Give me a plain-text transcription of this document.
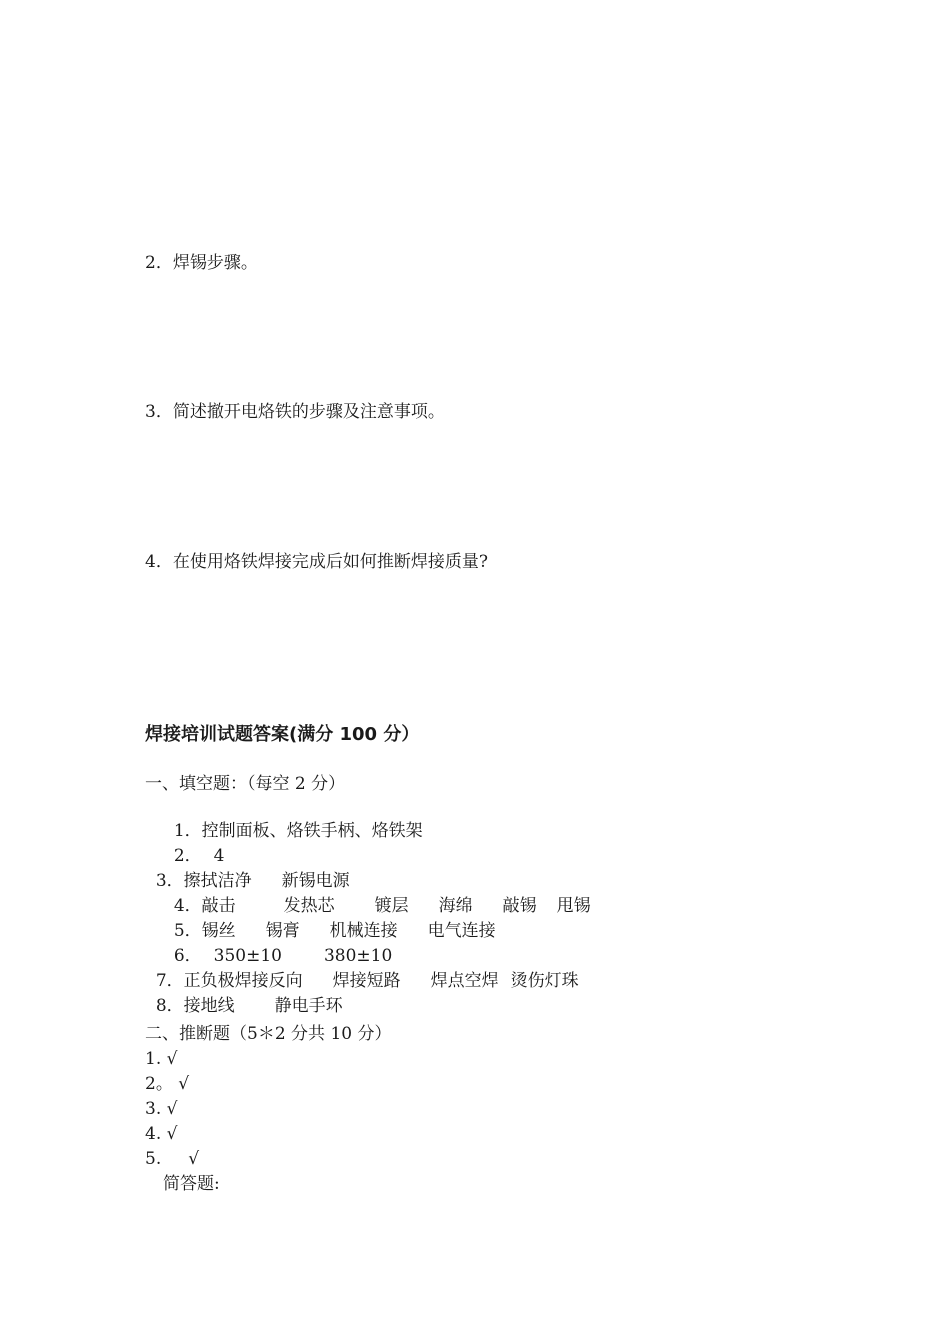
2．焊锡步骤。
3．简述撤开电烙铁的步骤及注意事项。
4．在使用烙铁焊接完成后如何推断焊接质量?
焊接培训试题答案(满分 100 分）
一、填空题：（每空 2 分）

1．控制面板、烙铁手柄、烙铁架

2． 4

3．擦拭洁净 新锡电源

4．敲击	发热芯 镀层 海绵 敲锡 甩锡

5．锡丝 锡膏 机械连接 电气连接

6． 350±10 380±10

7．正负极焊接反向 焊接短路 焊点空焊 烫伤灯珠

8．接地线 静电手环

二、推断题（5＊2 分共 10 分）
1. √
2。 √
3. √
4. √
5.     √
简答题:
